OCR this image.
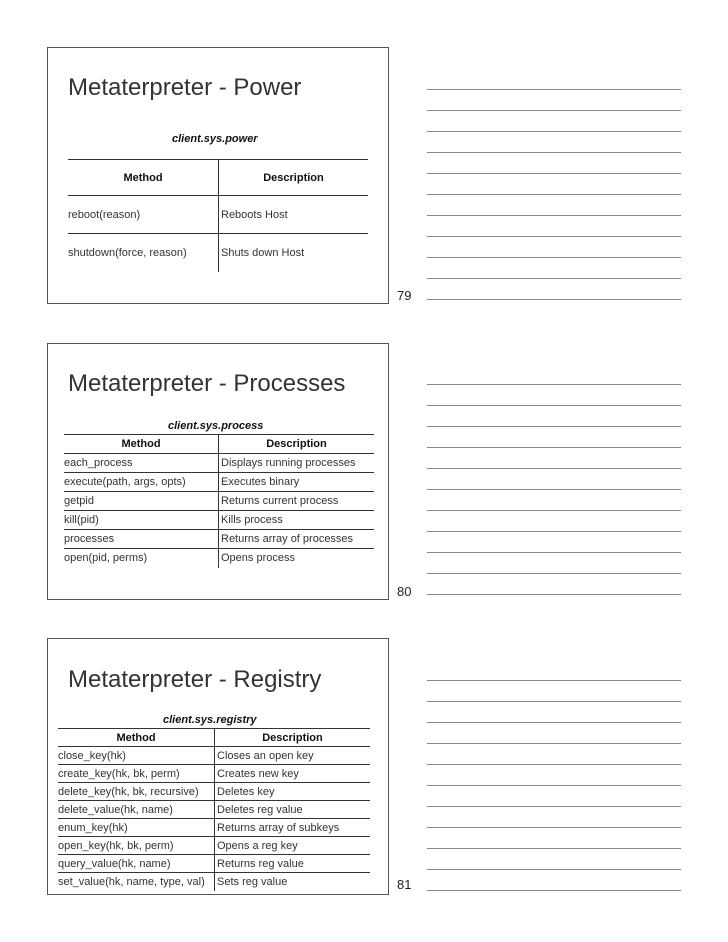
Metaterpreter - Power
client.sys.power
Method	Description
reboot(reason)	Reboots Host
shutdown(force, reason)	Shuts down Host
79
Metaterpreter - Processes
client.sys.process
Method	Description
each_process	Displays running processes
execute(path, args, opts)	Executes binary
getpid	Returns current process
kill(pid)	Kills process
processes	Returns array of processes
open(pid, perms)	Opens process
80
Metaterpreter - Registry
client.sys.registry
Method	Description
close_key(hk)	Closes an open key
create_key(hk, bk, perm)	Creates new key
delete_key(hk, bk, recursive)	Deletes key
delete_value(hk, name)	Deletes reg value
enum_key(hk)	Returns array of subkeys
open_key(hk, bk, perm)	Opens a reg key
query_value(hk, name)	Returns reg value
set_value(hk, name, type, val)	Sets reg value	81
